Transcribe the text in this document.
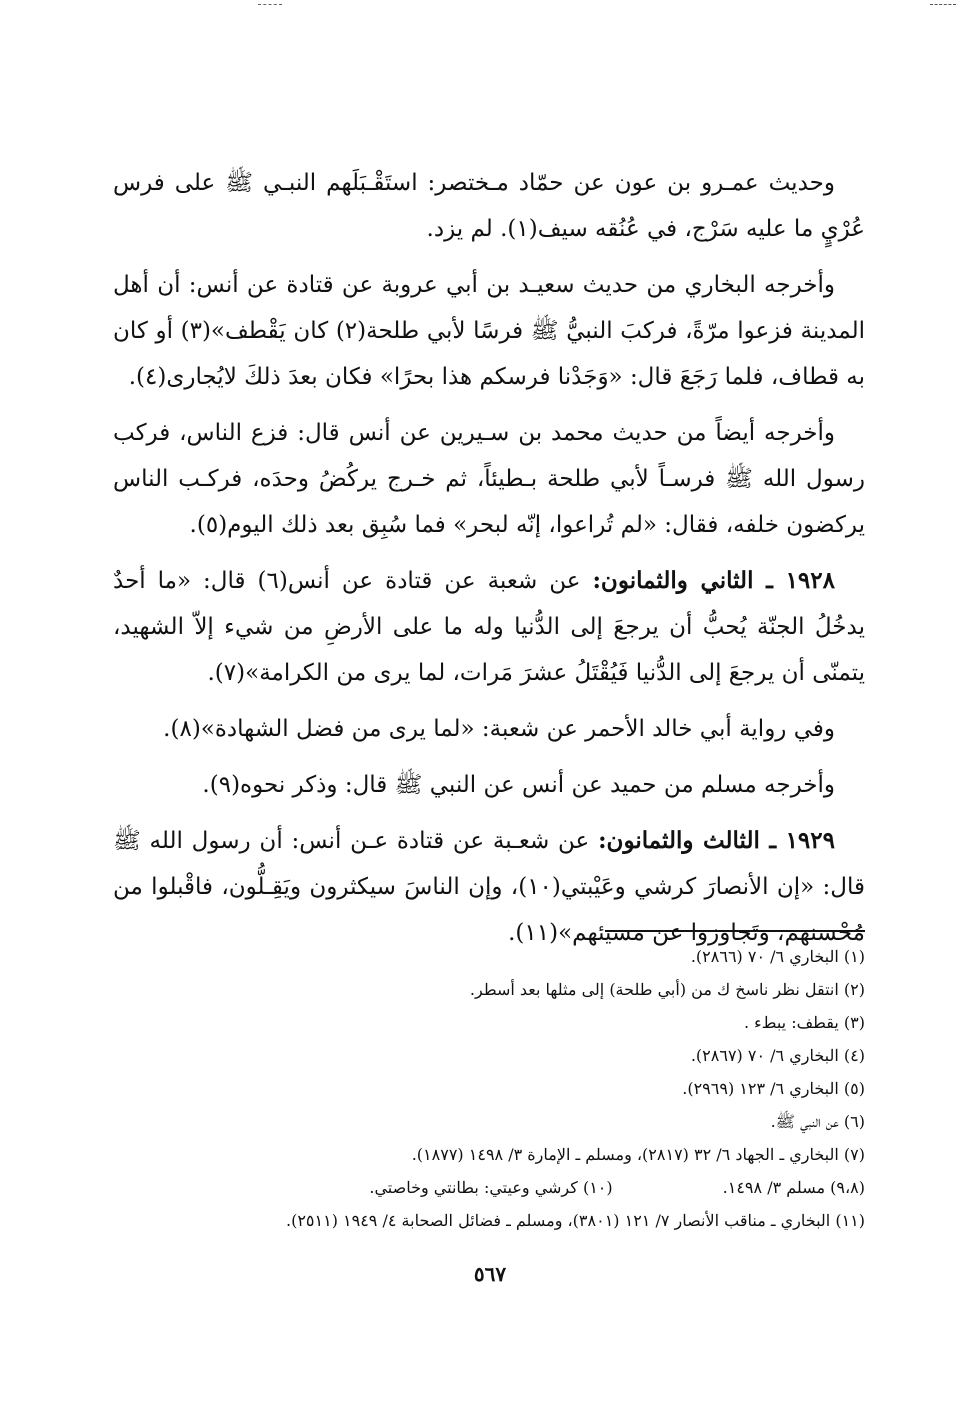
وحديث عمـرو بن عون عن حمّاد مـختصر: استَقْـبَلَهم النبـي ﷺ على فرس عُرْيٍ ما عليه سَرْج، في عُنُقه سيف(١). لم يزد.

وأخرجه البخاري من حديث سعيـد بن أبي عروبة عن قتادة عن أنس: أن أهل المدينة فزعوا مرّةً، فركبَ النبيُّ ﷺ فرسًا لأبي طلحة(٢) كان يَقْطف»(٣) أو كان به قطاف، فلما رَجَعَ قال: «وَجَدْنا فرسكم هذا بحرًا» فكان بعدَ ذلكَ لايُجارى(٤).

وأخرجه أيضاً من حديث محمد بن سـيرين عن أنس قال: فزع الناس، فركب رسول الله ﷺ فرسـاً لأبي طلحة بـطيئاً، ثم خـرج يركُضُ وحدَه، فركـب الناس يركضون خلفه، فقال: «لم تُراعوا، إنّه لبحر» فما سُبِق بعد ذلك اليوم(٥).

١٩٢٨ ـ الثاني والثمانون: عن شعبة عن قتادة عن أنس(٦) قال: «ما أحدٌ يدخُلُ الجنّة يُحبُّ أن يرجعَ إلى الدُّنيا وله ما على الأرضِ من شيء إلاّ الشهيد، يتمنّى أن يرجعَ إلى الدُّنيا فَيُقْتَلُ عشرَ مَرات، لما يرى من الكرامة»(٧).

وفي رواية أبي خالد الأحمر عن شعبة: «لما يرى من فضل الشهادة»(٨).

وأخرجه مسلم من حميد عن أنس عن النبي ﷺ قال: وذكر نحوه(٩).

١٩٢٩ ـ الثالث والثمانون: عن شعـبة عن قتادة عـن أنس: أن رسول الله ﷺ قال: «إن الأنصارَ كرشي وعَيْبتي(١٠)، وإن الناسَ سيكثرون ويَقِـلُّون، فاقْبلوا من مُحْسنهم، وتَجاوزوا عن مسيئهم»(١١).

(١) البخاري ٦/ ٧٠ (٢٨٦٦).

(٢) انتقل نظر ناسخ ك من (أبي طلحة) إلى مثلها بعد أسطر.

(٣) يقطف: يبطء .

(٤) البخاري ٦/ ٧٠ (٢٨٦٧).

(٥) البخاري ٦/ ١٢٣ (٢٩٦٩).

(٦) عن النبي ﷺ.

(٧) البخاري ـ الجهاد ٦/ ٣٢ (٢٨١٧)، ومسلم ـ الإمارة ٣/ ١٤٩٨ (١٨٧٧).

(٩،٨) مسلم ٣/ ١٤٩٨.
(١٠) كرشي وعيتي: بطانتي وخاصتي.

(١١) البخاري ـ مناقب الأنصار ٧/ ١٢١ (٣٨٠١)، ومسلم ـ فضائل الصحابة ٤/ ١٩٤٩ (٢٥١١).

٥٦٧
